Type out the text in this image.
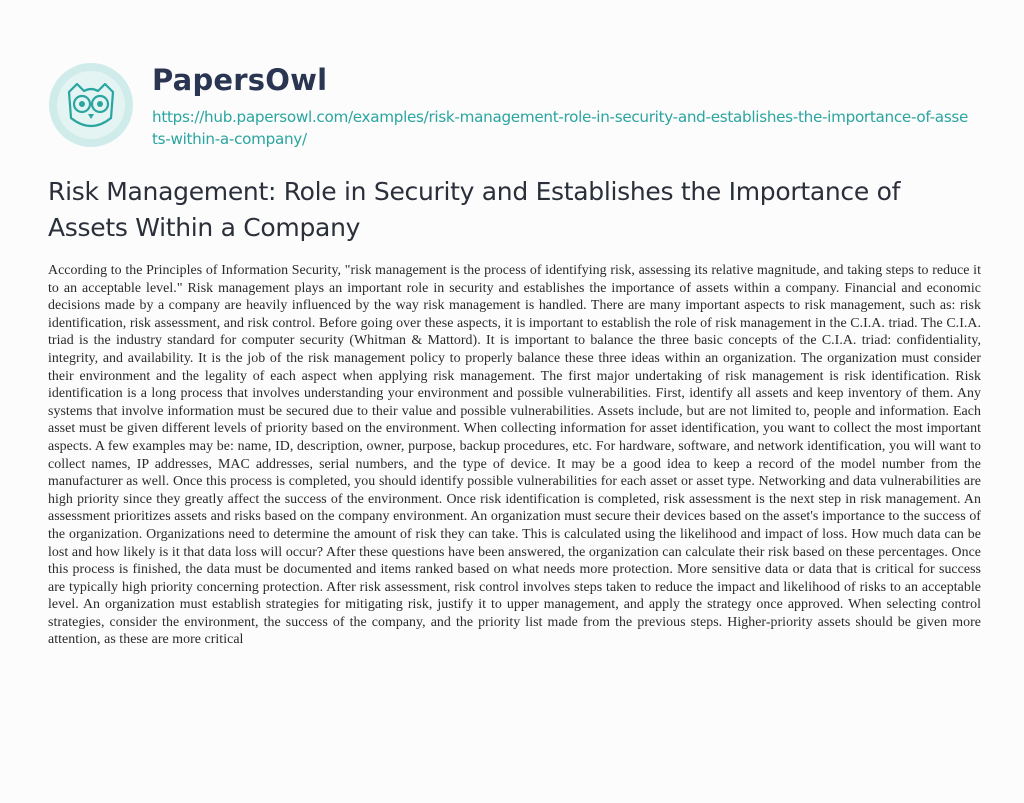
PapersOwl
https://hub.papersowl.com/examples/risk-management-role-in-security-and-establishes-the-importance-of-assets-within-a-company/
Risk Management: Role in Security and Establishes the Importance of Assets Within a Company

According to the Principles of Information Security, "risk management is the process of identifying risk, assessing its relative magnitude, and taking steps to reduce it to an acceptable level." Risk management plays an important role in security and establishes the importance of assets within a company. Financial and economic decisions made by a company are heavily influenced by the way risk management is handled. There are many important aspects to risk management, such as: risk identification, risk assessment, and risk control. Before going over these aspects, it is important to establish the role of risk management in the C.I.A. triad. The C.I.A. triad is the industry standard for computer security (Whitman & Mattord). It is important to balance the three basic concepts of the C.I.A. triad: confidentiality, integrity, and availability. It is the job of the risk management policy to properly balance these three ideas within an organization. The organization must consider their environment and the legality of each aspect when applying risk management. The first major undertaking of risk management is risk identification. Risk identification is a long process that involves understanding your environment and possible vulnerabilities. First, identify all assets and keep inventory of them. Any systems that involve information must be secured due to their value and possible vulnerabilities. Assets include, but are not limited to, people and information. Each asset must be given different levels of priority based on the environment. When collecting information for asset identification, you want to collect the most important aspects. A few examples may be: name, ID, description, owner, purpose, backup procedures, etc. For hardware, software, and network identification, you will want to collect names, IP addresses, MAC addresses, serial numbers, and the type of device. It may be a good idea to keep a record of the model number from the manufacturer as well. Once this process is completed, you should identify possible vulnerabilities for each asset or asset type. Networking and data vulnerabilities are high priority since they greatly affect the success of the environment. Once risk identification is completed, risk assessment is the next step in risk management. An assessment prioritizes assets and risks based on the company environment. An organization must secure their devices based on the asset's importance to the success of the organization. Organizations need to determine the amount of risk they can take. This is calculated using the likelihood and impact of loss. How much data can be lost and how likely is it that data loss will occur? After these questions have been answered, the organization can calculate their risk based on these percentages. Once this process is finished, the data must be documented and items ranked based on what needs more protection. More sensitive data or data that is critical for success are typically high priority concerning protection. After risk assessment, risk control involves steps taken to reduce the impact and likelihood of risks to an acceptable level. An organization must establish strategies for mitigating risk, justify it to upper management, and apply the strategy once approved. When selecting control strategies, consider the environment, the success of the company, and the priority list made from the previous steps. Higher-priority assets should be given more attention, as these are more critical
